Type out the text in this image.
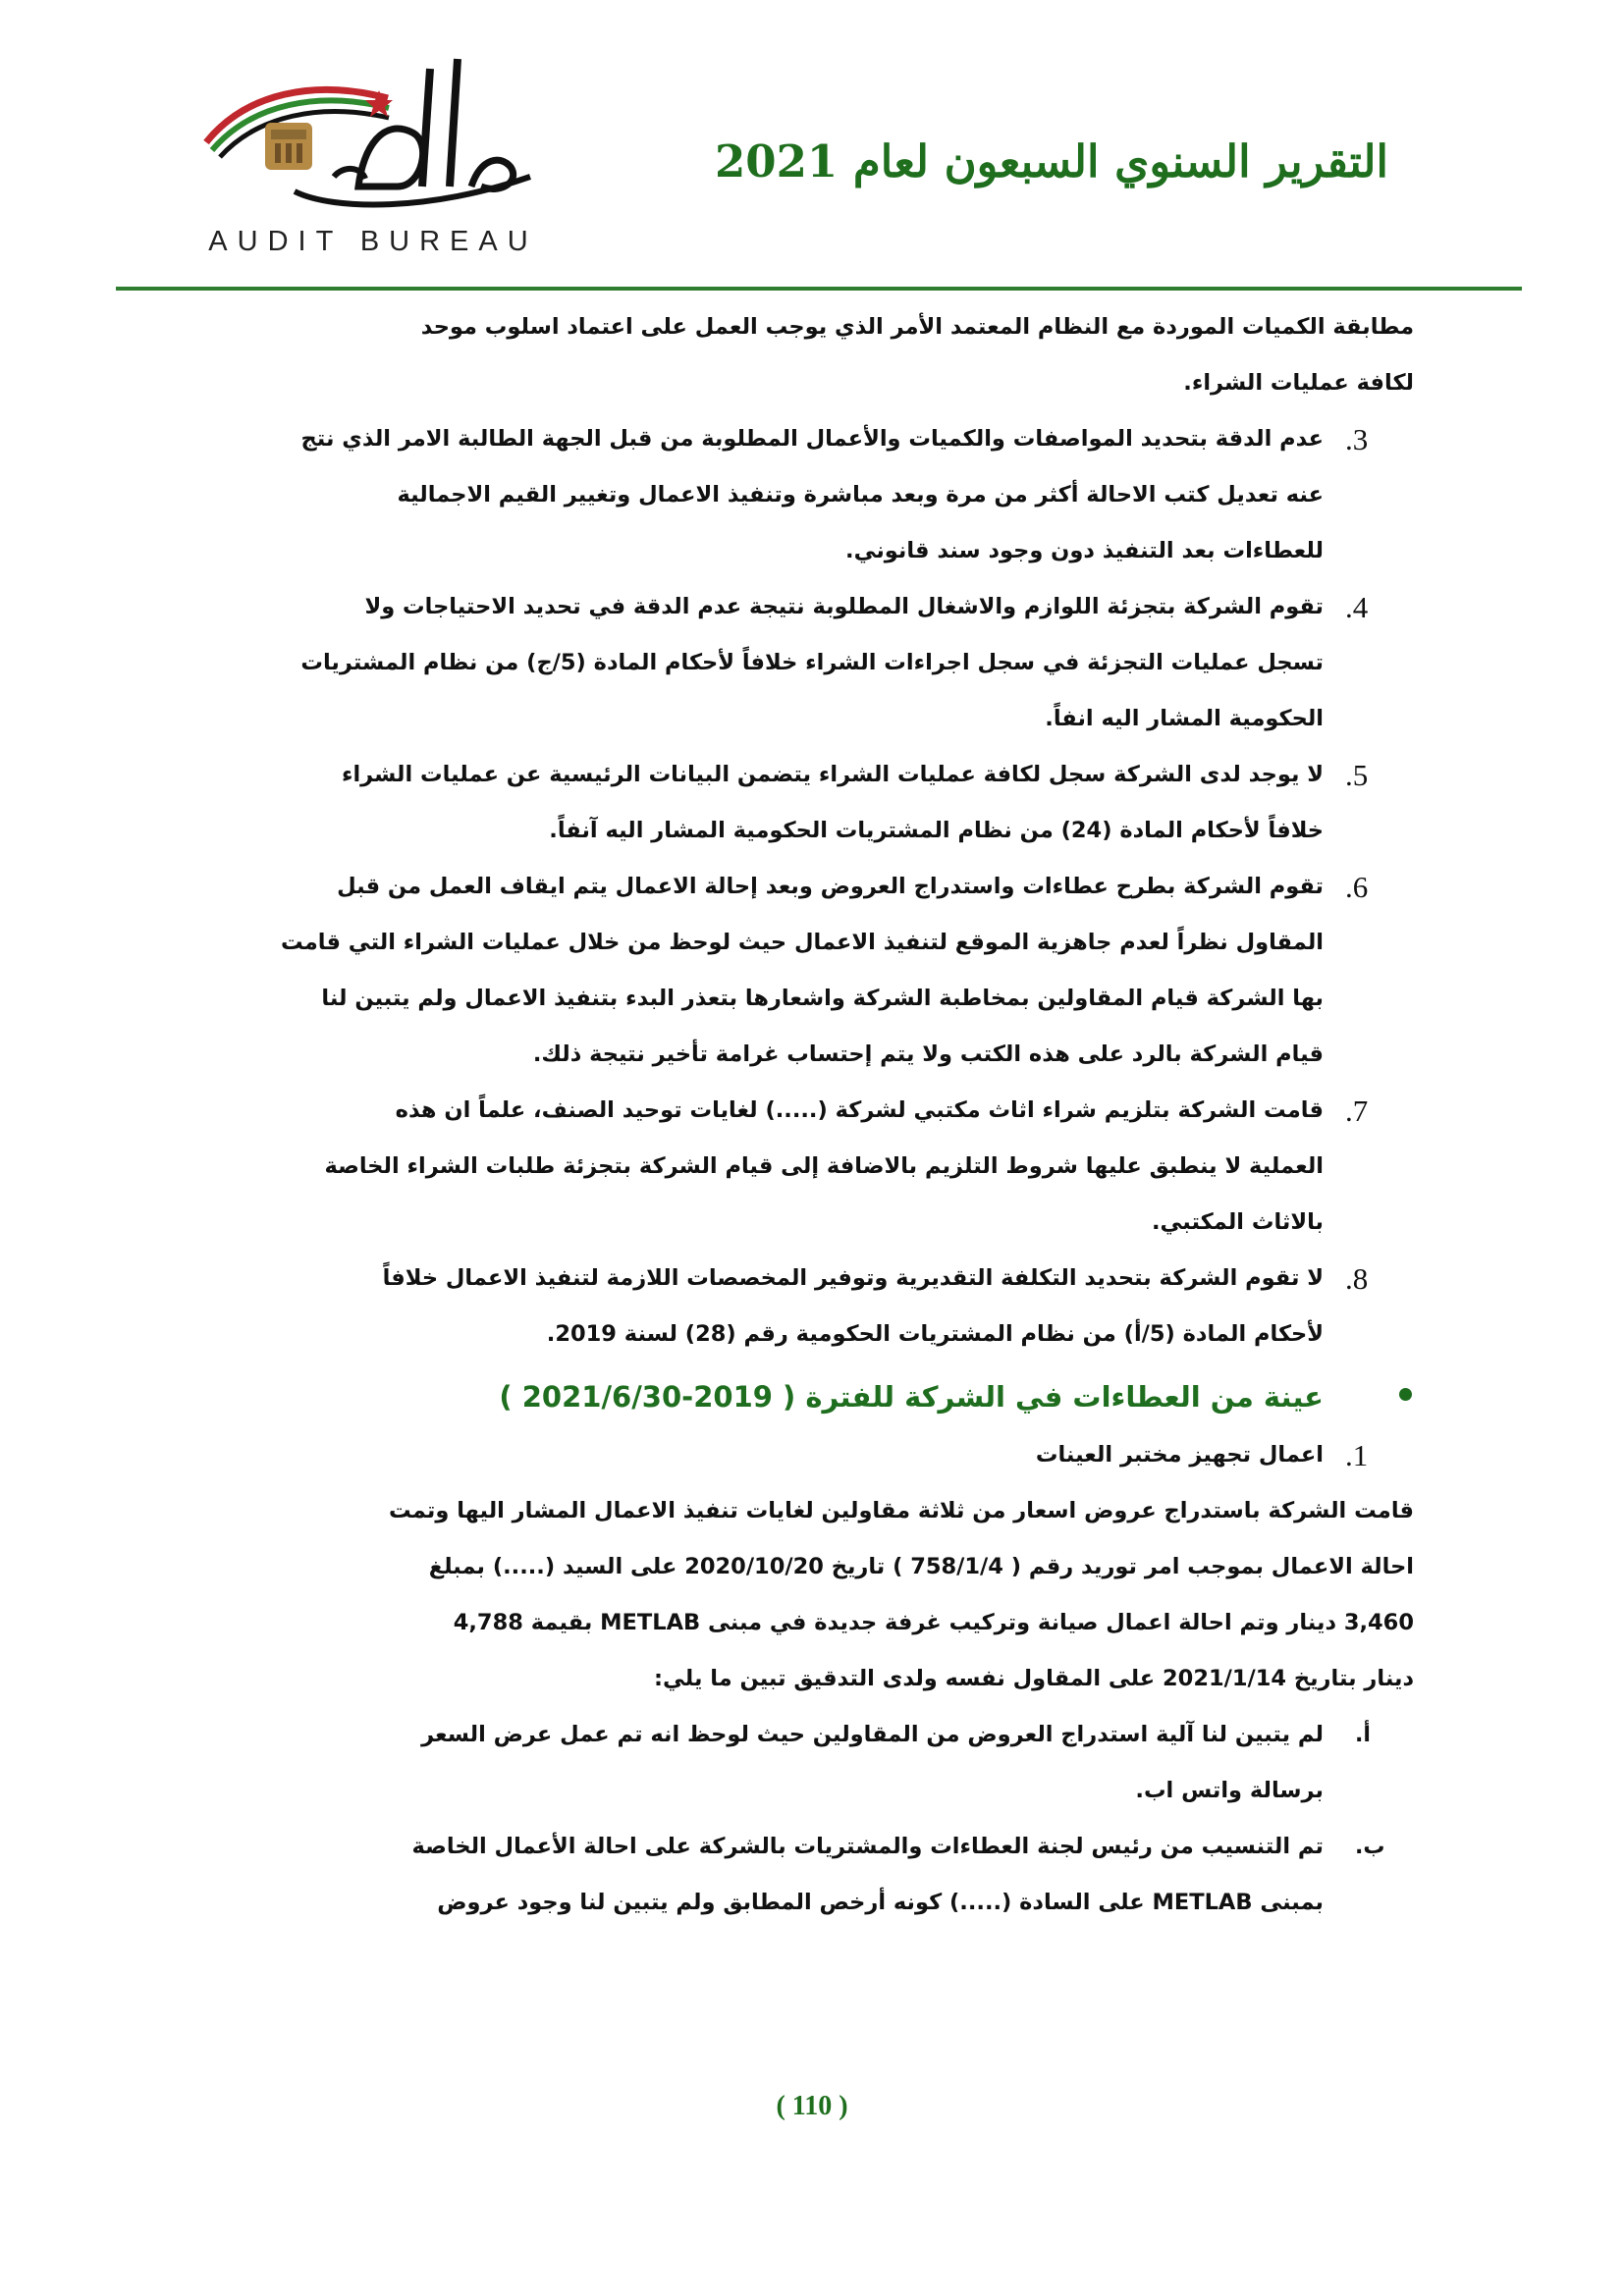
AUDIT BUREAU
التقرير السنوي السبعون لعام 2021
مطابقة الكميات الموردة مع النظام المعتمد الأمر الذي يوجب العمل على اعتماد اسلوب موحد
لكافة عمليات الشراء.
3.
عدم الدقة بتحديد المواصفات والكميات والأعمال المطلوبة من قبل الجهة الطالبة الامر الذي نتج
عنه تعديل كتب الاحالة أكثر من مرة وبعد مباشرة وتنفيذ الاعمال وتغيير القيم الاجمالية
للعطاءات بعد التنفيذ دون وجود سند قانوني.
4.
تقوم الشركة بتجزئة اللوازم والاشغال المطلوبة نتيجة عدم الدقة في تحديد الاحتياجات ولا
تسجل عمليات التجزئة في سجل اجراءات الشراء خلافاً لأحكام المادة (5/ج) من نظام المشتريات
الحكومية المشار اليه انفاً.
5.
لا يوجد لدى الشركة سجل لكافة عمليات الشراء يتضمن البيانات الرئيسية عن عمليات الشراء
خلافاً لأحكام المادة (24) من نظام المشتريات الحكومية المشار اليه آنفاً.
6.
تقوم الشركة بطرح عطاءات واستدراج العروض وبعد إحالة الاعمال يتم ايقاف العمل من قبل
المقاول نظراً لعدم جاهزية الموقع لتنفيذ الاعمال حيث لوحظ من خلال عمليات الشراء التي قامت
بها الشركة قيام المقاولين بمخاطبة الشركة واشعارها بتعذر البدء بتنفيذ الاعمال ولم يتبين لنا
قيام الشركة بالرد على هذه الكتب ولا يتم إحتساب غرامة تأخير نتيجة ذلك.
7.
قامت الشركة بتلزيم شراء اثاث مكتبي لشركة (.....) لغايات توحيد الصنف، علماً ان هذه
العملية لا ينطبق عليها شروط التلزيم بالاضافة إلى قيام الشركة بتجزئة طلبات الشراء الخاصة
بالاثاث المكتبي.
8.
لا تقوم الشركة بتحديد التكلفة التقديرية وتوفير المخصصات اللازمة لتنفيذ الاعمال خلافاً
لأحكام المادة (5/أ) من نظام المشتريات الحكومية رقم (28) لسنة 2019.
عينة من العطاءات في الشركة للفترة ( 2019-2021/6/30 )
1.
اعمال تجهيز مختبر العينات
قامت الشركة باستدراج عروض اسعار من ثلاثة مقاولين لغايات تنفيذ الاعمال المشار اليها وتمت
احالة الاعمال بموجب امر توريد رقم ( 758/1/4 ) تاريخ 2020/10/20 على السيد (.....) بمبلغ
3,460 دينار وتم احالة اعمال صيانة وتركيب غرفة جديدة في مبنى METLAB بقيمة 4,788
دينار بتاريخ 2021/1/14 على المقاول نفسه ولدى التدقيق تبين ما يلي:
أ.
لم يتبين لنا آلية استدراج العروض من المقاولين حيث لوحظ انه تم عمل عرض السعر
برسالة واتس اب.
ب.
تم التنسيب من رئيس لجنة العطاءات والمشتريات بالشركة على احالة الأعمال الخاصة
بمبنى METLAB على السادة (.....) كونه أرخص المطابق ولم يتبين لنا وجود عروض
( 110 )
